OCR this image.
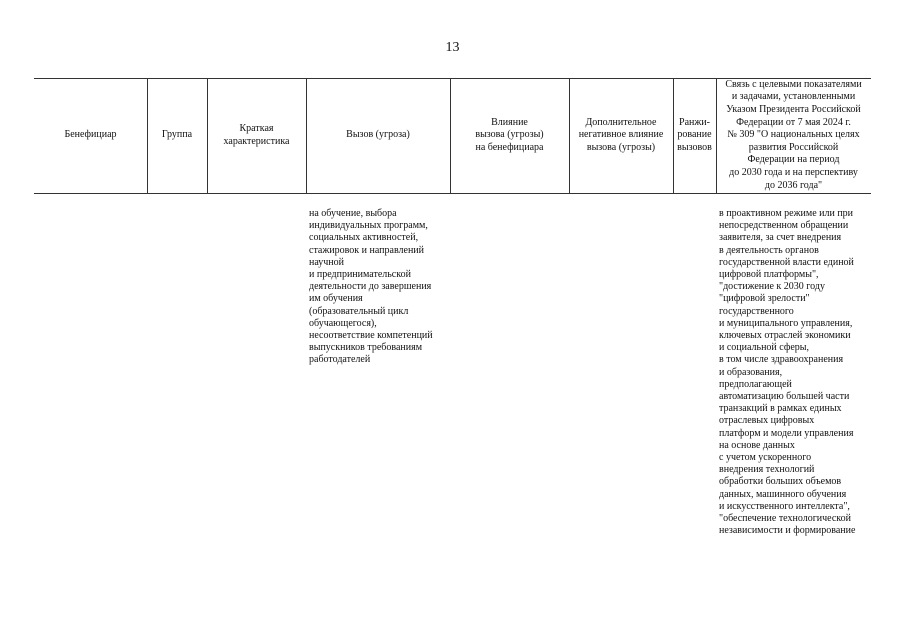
13
Бенефициар	Группа
Краткая
характеристика
Вызов (угроза)
Влияние
вызова (угрозы)
на бенефициара
Дополнительное
негативное влияние
вызова (угрозы)
Ранжи-
рование
вызовов
Связь с целевыми показателями
и задачами, установленными
Указом Президента Российской
Федерации от 7 мая 2024 г.
№ 309 "О национальных целях
развития Российской
Федерации на период
до 2030 года и на перспективу
до 2036 года"
на обучение, выбора
индивидуальных программ,
социальных активностей,
стажировок и направлений
научной
и предпринимательской
деятельности до завершения
им обучения
(образовательный цикл
обучающегося),
несоответствие компетенций
выпускников требованиям
работодателей
в проактивном режиме или при
непосредственном обращении
заявителя, за счет внедрения
в деятельность органов
государственной власти единой
цифровой платформы",
"достижение к 2030 году
"цифровой зрелости"
государственного
и муниципального управления,
ключевых отраслей экономики
и социальной сферы,
в том числе здравоохранения
и образования,
предполагающей
автоматизацию большей части
транзакций в рамках единых
отраслевых цифровых
платформ и модели управления
на основе данных
с учетом ускоренного
внедрения технологий
обработки больших объемов
данных, машинного обучения
и искусственного интеллекта",
"обеспечение технологической
независимости и формирование
